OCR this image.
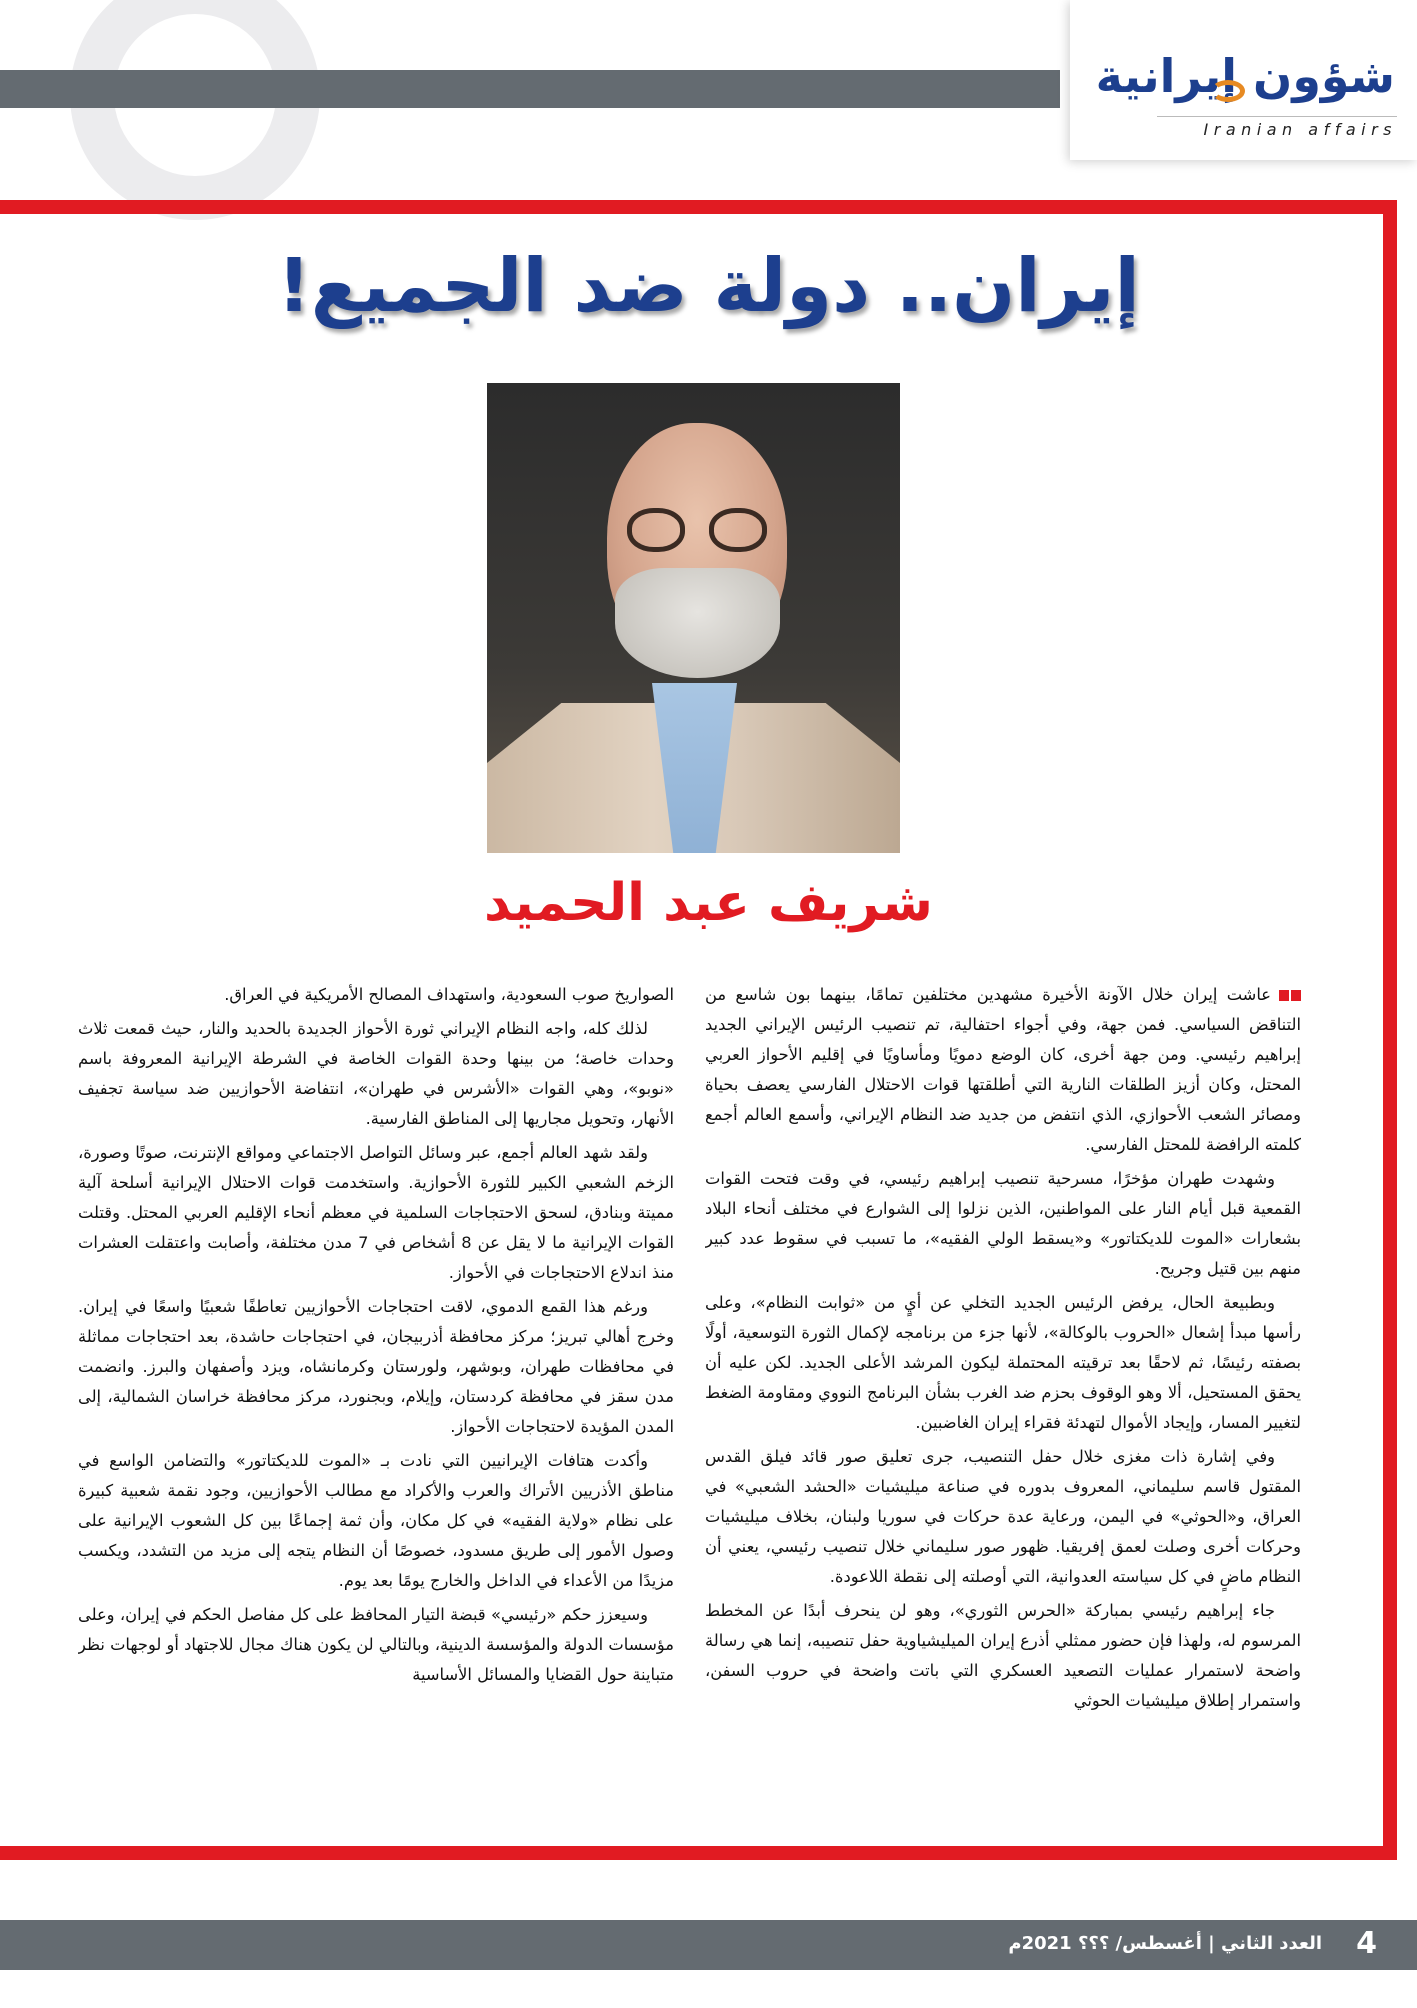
شؤون إيرانية
Iranian affairs
إيران.. دولة ضد الجميع!
شريف عبد الحميد

عاشت إيران خلال الآونة الأخيرة مشهدين مختلفين تمامًا، بينهما بون شاسع من التناقض السياسي. فمن جهة، وفي أجواء احتفالية، تم تنصيب الرئيس الإيراني الجديد إبراهيم رئيسي. ومن جهة أخرى، كان الوضع دمويًا ومأساويًا في إقليم الأحواز العربي المحتل، وكان أزيز الطلقات النارية التي أطلقتها قوات الاحتلال الفارسي يعصف بحياة ومصائر الشعب الأحوازي، الذي انتفض من جديد ضد النظام الإيراني، وأسمع العالم أجمع كلمته الرافضة للمحتل الفارسي.

وشهدت طهران مؤخرًا، مسرحية تنصيب إبراهيم رئيسي، في وقت فتحت القوات القمعية قبل أيام النار على المواطنين، الذين نزلوا إلى الشوارع في مختلف أنحاء البلاد بشعارات «الموت للديكتاتور» و«يسقط الولي الفقيه»، ما تسبب في سقوط عدد كبير منهم بين قتيل وجريح.

وبطبيعة الحال، يرفض الرئيس الجديد التخلي عن أيٍ من «ثوابت النظام»، وعلى رأسها مبدأ إشعال «الحروب بالوكالة»، لأنها جزء من برنامجه لإكمال الثورة التوسعية، أولًا بصفته رئيسًا، ثم لاحقًا بعد ترقيته المحتملة ليكون المرشد الأعلى الجديد. لكن عليه أن يحقق المستحيل، ألا وهو الوقوف بحزم ضد الغرب بشأن البرنامج النووي ومقاومة الضغط لتغيير المسار، وإيجاد الأموال لتهدئة فقراء إيران الغاضبين.

وفي إشارة ذات مغزى خلال حفل التنصيب، جرى تعليق صور قائد فيلق القدس المقتول قاسم سليماني، المعروف بدوره في صناعة ميليشيات «الحشد الشعبي» في العراق، و«الحوثي» في اليمن، ورعاية عدة حركات في سوريا ولبنان، بخلاف ميليشيات وحركات أخرى وصلت لعمق إفريقيا. ظهور صور سليماني خلال تنصيب رئيسي، يعني أن النظام ماضٍ في كل سياسته العدوانية، التي أوصلته إلى نقطة اللاعودة.

جاء إبراهيم رئيسي بمباركة «الحرس الثوري»، وهو لن ينحرف أبدًا عن المخطط المرسوم له، ولهذا فإن حضور ممثلي أذرع إيران الميليشياوية حفل تنصيبه، إنما هي رسالة واضحة لاستمرار عمليات التصعيد العسكري التي باتت واضحة في حروب السفن، واستمرار إطلاق ميليشيات الحوثي

الصواريخ صوب السعودية، واستهداف المصالح الأمريكية في العراق.

لذلك كله، واجه النظام الإيراني ثورة الأحواز الجديدة بالحديد والنار، حيث قمعت ثلاث وحدات خاصة؛ من بينها وحدة القوات الخاصة في الشرطة الإيرانية المعروفة باسم «نوبو»، وهي القوات «الأشرس في طهران»، انتفاضة الأحوازيين ضد سياسة تجفيف الأنهار، وتحويل مجاريها إلى المناطق الفارسية.

ولقد شهد العالم أجمع، عبر وسائل التواصل الاجتماعي ومواقع الإنترنت، صوتًا وصورة، الزخم الشعبي الكبير للثورة الأحوازية. واستخدمت قوات الاحتلال الإيرانية أسلحة آلية مميتة وبنادق، لسحق الاحتجاجات السلمية في معظم أنحاء الإقليم العربي المحتل. وقتلت القوات الإيرانية ما لا يقل عن 8 أشخاص في 7 مدن مختلفة، وأصابت واعتقلت العشرات منذ اندلاع الاحتجاجات في الأحواز.

ورغم هذا القمع الدموي، لاقت احتجاجات الأحوازيين تعاطفًا شعبيًا واسعًا في إيران. وخرج أهالي تبريز؛ مركز محافظة أذربيجان، في احتجاجات حاشدة، بعد احتجاجات مماثلة في محافظات طهران، وبوشهر، ولورستان وكرمانشاه، ويزد وأصفهان والبرز. وانضمت مدن سقز في محافظة كردستان، وإيلام، وبجنورد، مركز محافظة خراسان الشمالية، إلى المدن المؤيدة لاحتجاجات الأحواز.

وأكدت هتافات الإيرانيين التي نادت بـ «الموت للديكتاتور» والتضامن الواسع في مناطق الأذريين الأتراك والعرب والأكراد مع مطالب الأحوازيين، وجود نقمة شعبية كبيرة على نظام «ولاية الفقيه» في كل مكان، وأن ثمة إجماعًا بين كل الشعوب الإيرانية على وصول الأمور إلى طريق مسدود، خصوصًا أن النظام يتجه إلى مزيد من التشدد، ويكسب مزيدًا من الأعداء في الداخل والخارج يومًا بعد يوم.

وسيعزز حكم «رئيسي» قبضة التيار المحافظ على كل مفاصل الحكم في إيران، وعلى مؤسسات الدولة والمؤسسة الدينية، وبالتالي لن يكون هناك مجال للاجتهاد أو لوجهات نظر متباينة حول القضايا والمسائل الأساسية

العدد الثاني | أغسطس/ ؟؟؟ 2021م 4
